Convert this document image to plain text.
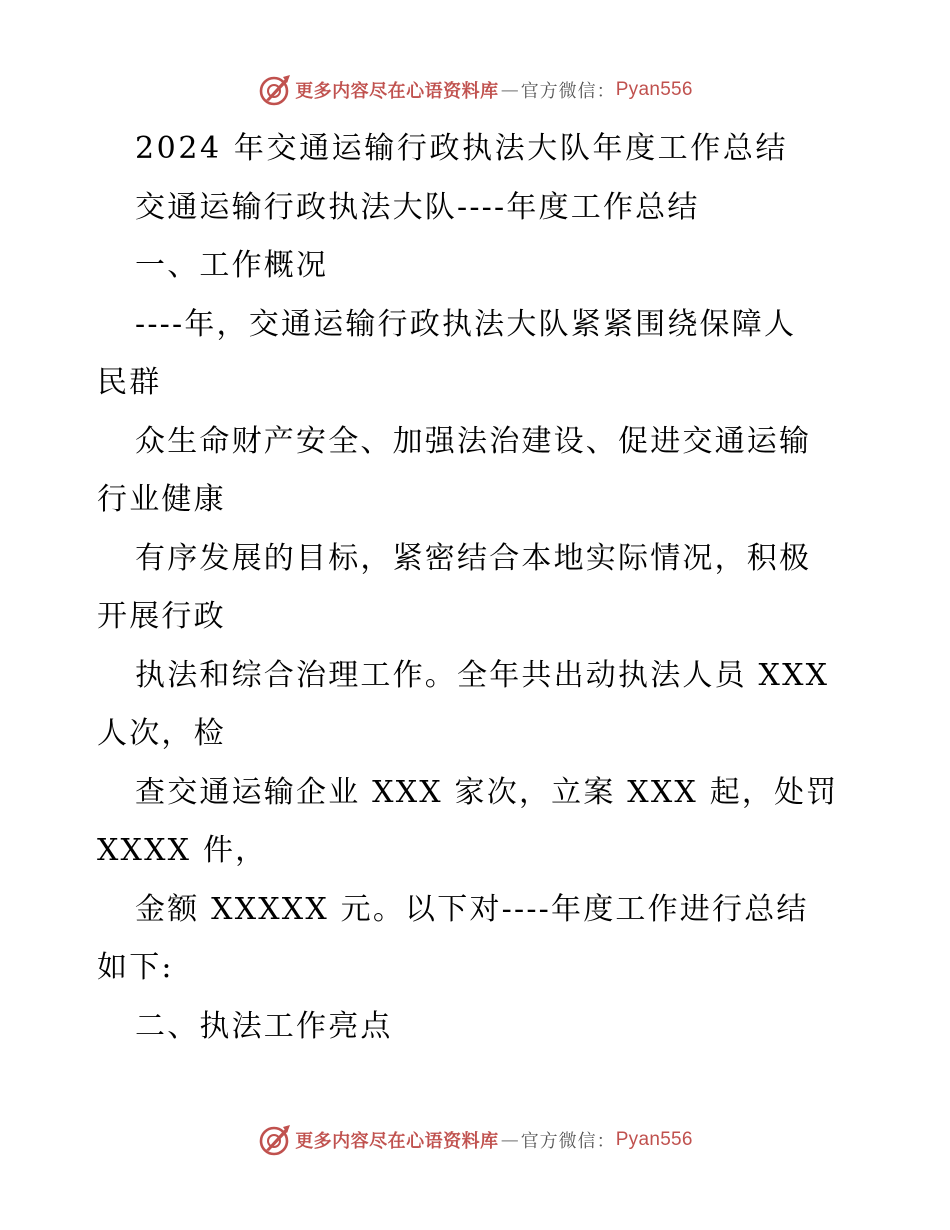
更多内容尽在心语资料库 — 官方微信： Pyan556
2024 年交通运输行政执法大队年度工作总结
交通运输行政执法大队----年度工作总结
一、工作概况
----年，交通运输行政执法大队紧紧围绕保障人
民群
众生命财产安全、加强法治建设、促进交通运输
行业健康
有序发展的目标，紧密结合本地实际情况，积极
开展行政
执法和综合治理工作。全年共出动执法人员 XXX
人次，检
查交通运输企业 XXX 家次，立案 XXX 起，处罚
XXXX 件，
金额 XXXXX 元。以下对----年度工作进行总结
如下:
二、执法工作亮点
更多内容尽在心语资料库 — 官方微信： Pyan556
